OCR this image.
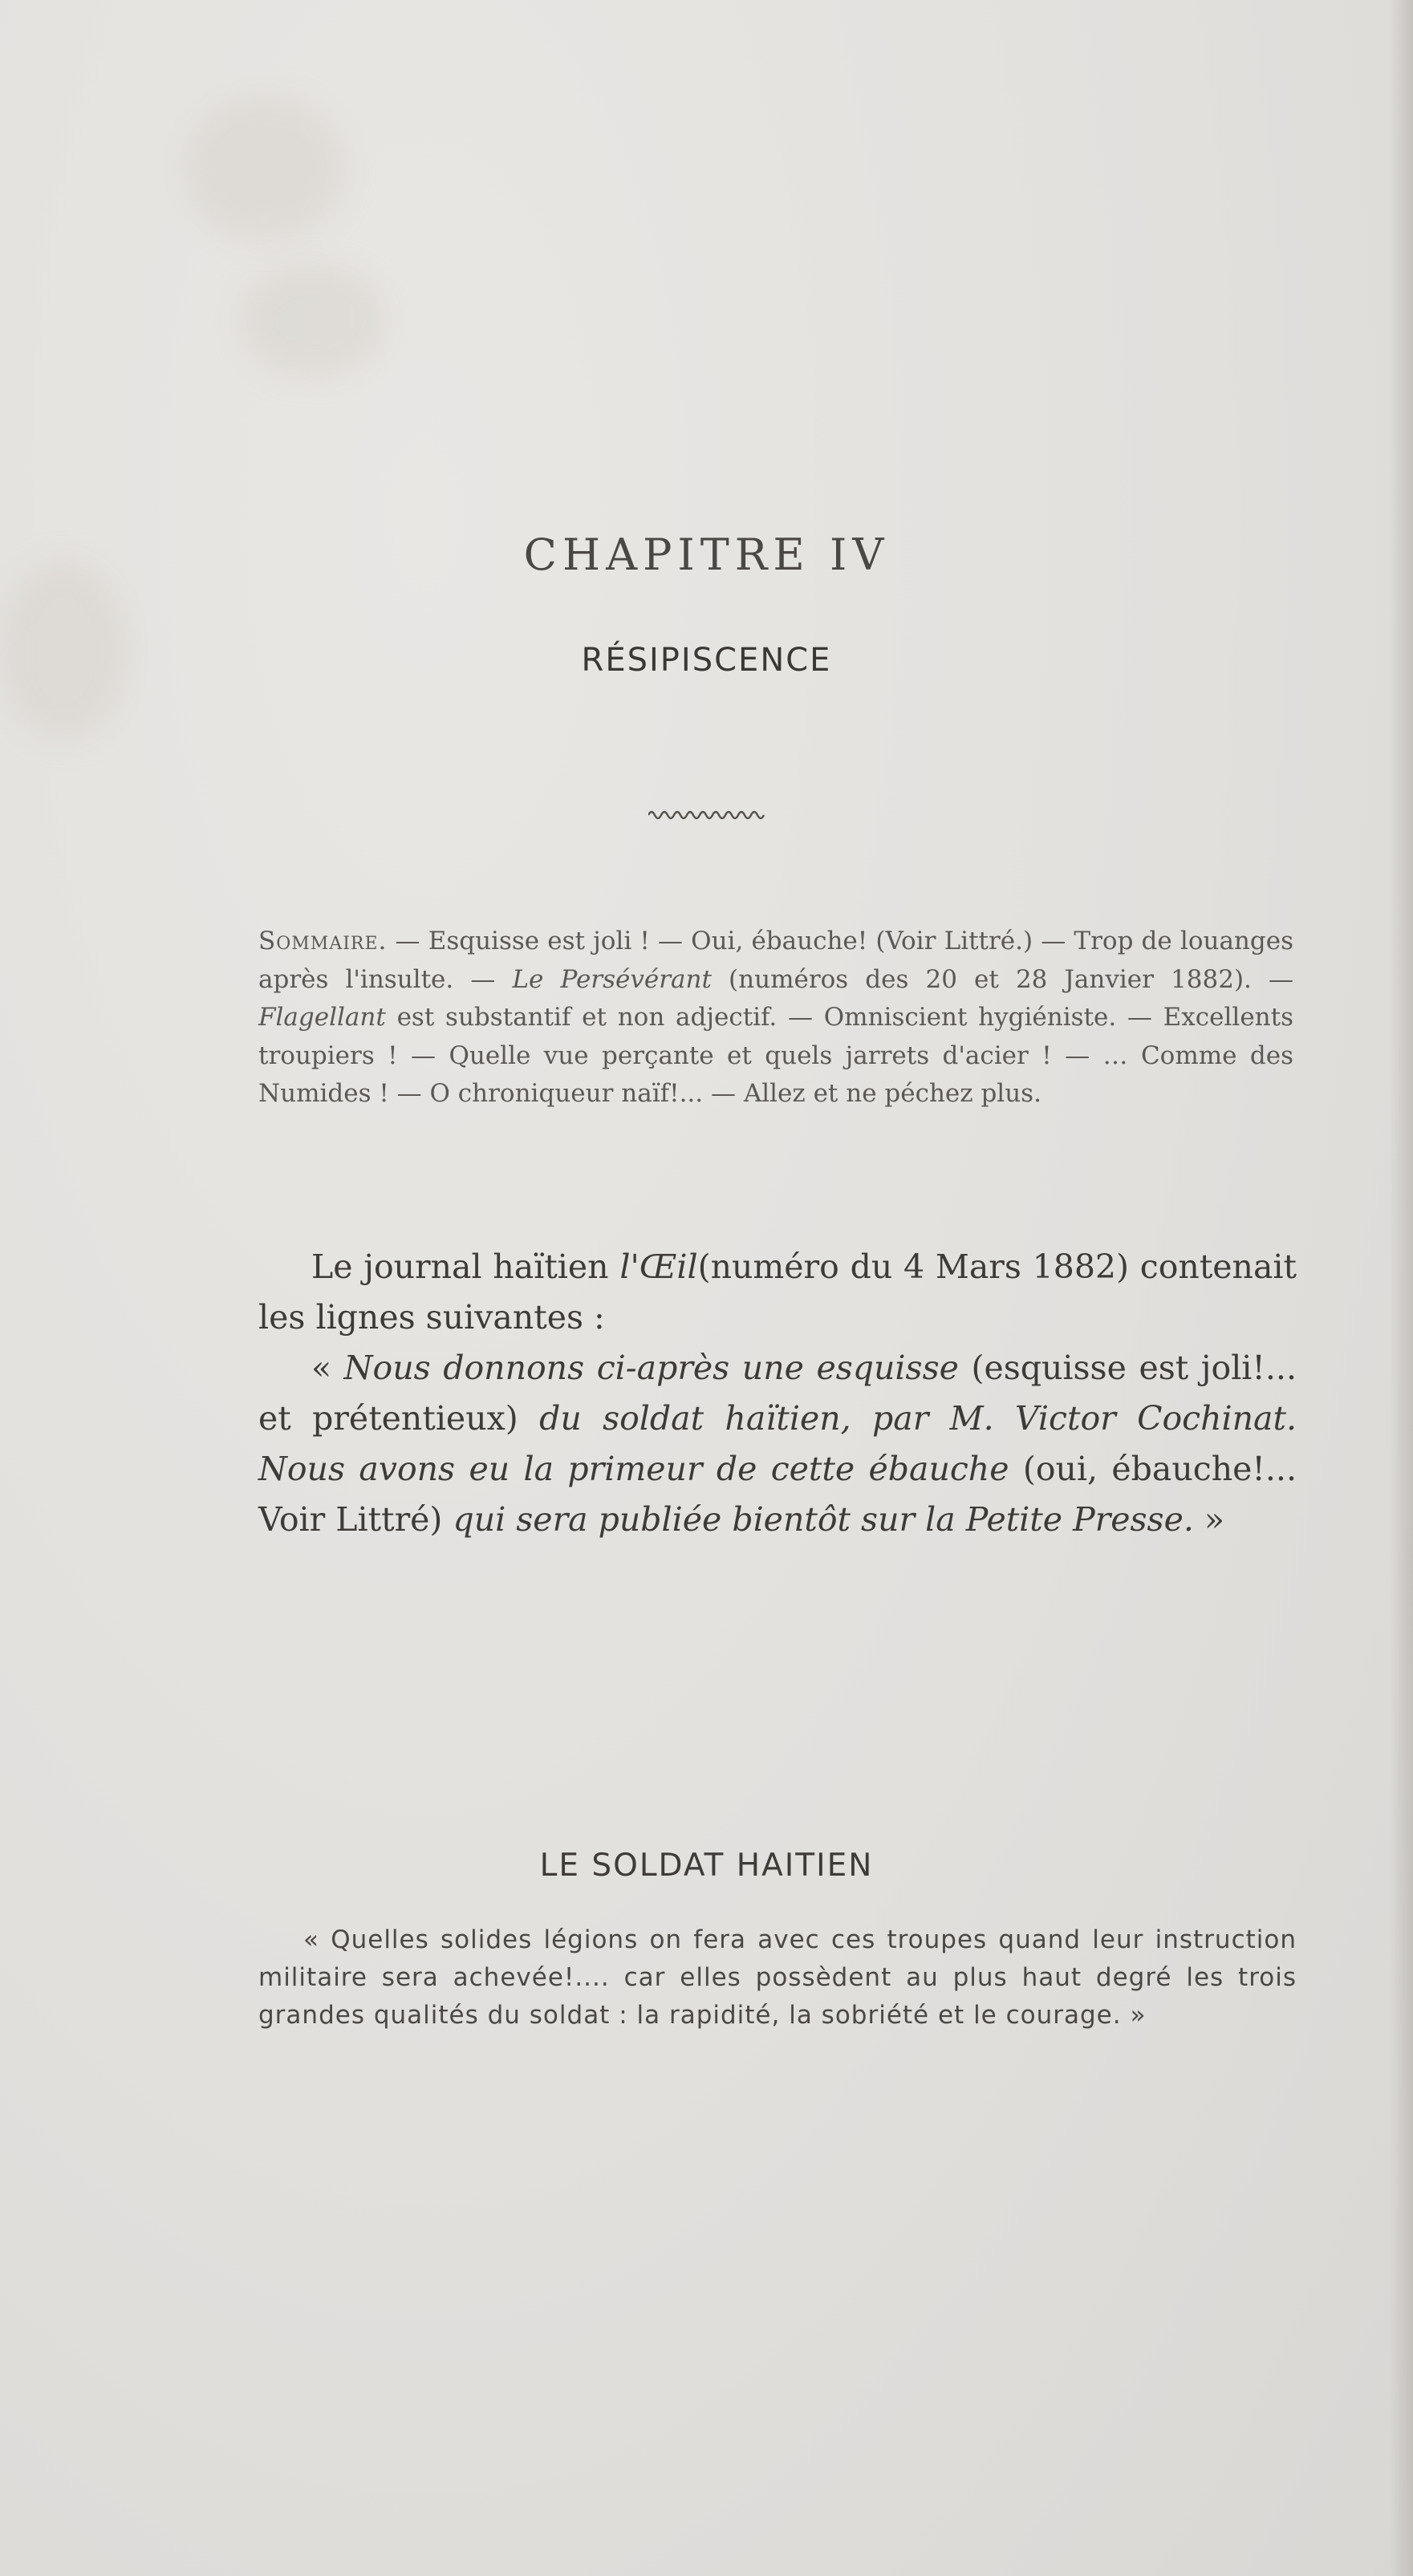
CHAPITRE IV
RÉSIPISCENCE
Sommaire. — Esquisse est joli ! — Oui, ébauche! (Voir Littré.) — Trop de louanges après l'insulte. — Le Persévérant (numéros des 20 et 28 Janvier 1882). — Flagellant est substantif et non adjectif. — Omniscient hygiéniste. — Excellents troupiers ! — Quelle vue perçante et quels jarrets d'acier ! — … Comme des Numides ! — O chroniqueur naïf!... — Allez et ne péchez plus.

Le journal haïtien l'Œil(numéro du 4 Mars 1882) contenait les lignes suivantes :

« Nous donnons ci-après une esquisse (esquisse est joli!... et prétentieux) du soldat haïtien, par M. Victor Cochinat. Nous avons eu la primeur de cette ébauche (oui, ébauche!... Voir Littré) qui sera publiée bientôt sur la Petite Presse. »

LE SOLDAT HAITIEN

« Quelles solides légions on fera avec ces troupes quand leur instruction militaire sera achevée!.... car elles possèdent au plus haut degré les trois grandes qualités du soldat : la rapidité, la sobriété et le courage. »
